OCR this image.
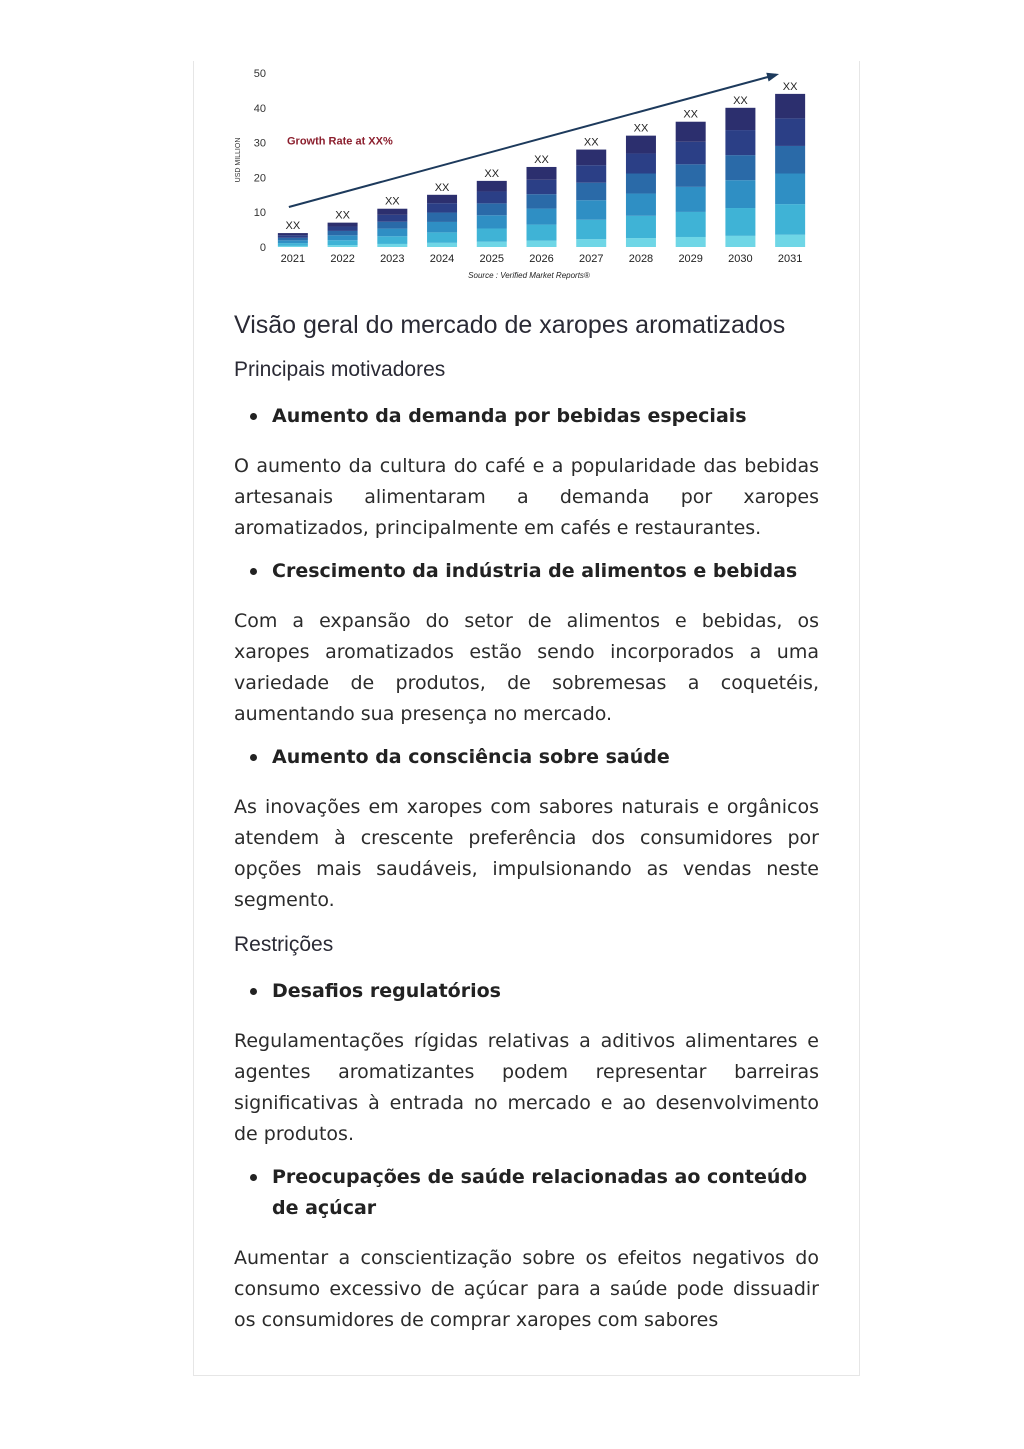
0
10
20
30
40
50
USD MILLION
XX
2021
XX
2022
XX
2023
XX
2024
XX
2025
XX
2026
XX
2027
XX
2028
XX
2029
XX
2030
XX
2031
Growth Rate at XX%
Source : Verified Market Reports®
Visão geral do mercado de xaropes aromatizados
Principais motivadores
Aumento da demanda por bebidas especiais

O aumento da cultura do café e a popularidade das bebidas artesanais alimentaram a demanda por xaropes aromatizados, principalmente em cafés e restaurantes.

Crescimento da indústria de alimentos e bebidas

Com a expansão do setor de alimentos e bebidas, os xaropes aromatizados estão sendo incorporados a uma variedade de produtos, de sobremesas a coquetéis, aumentando sua presença no mercado.

Aumento da consciência sobre saúde

As inovações em xaropes com sabores naturais e orgânicos atendem à crescente preferência dos consumidores por opções mais saudáveis, impulsionando as vendas neste segmento.

Restrições
Desafios regulatórios

Regulamentações rígidas relativas a aditivos alimentares e agentes aromatizantes podem representar barreiras significativas à entrada no mercado e ao desenvolvimento de produtos.

Preocupações de saúde relacionadas ao conteúdo de açúcar

Aumentar a conscientização sobre os efeitos negativos do consumo excessivo de açúcar para a saúde pode dissuadir os consumidores de comprar xaropes com sabores
